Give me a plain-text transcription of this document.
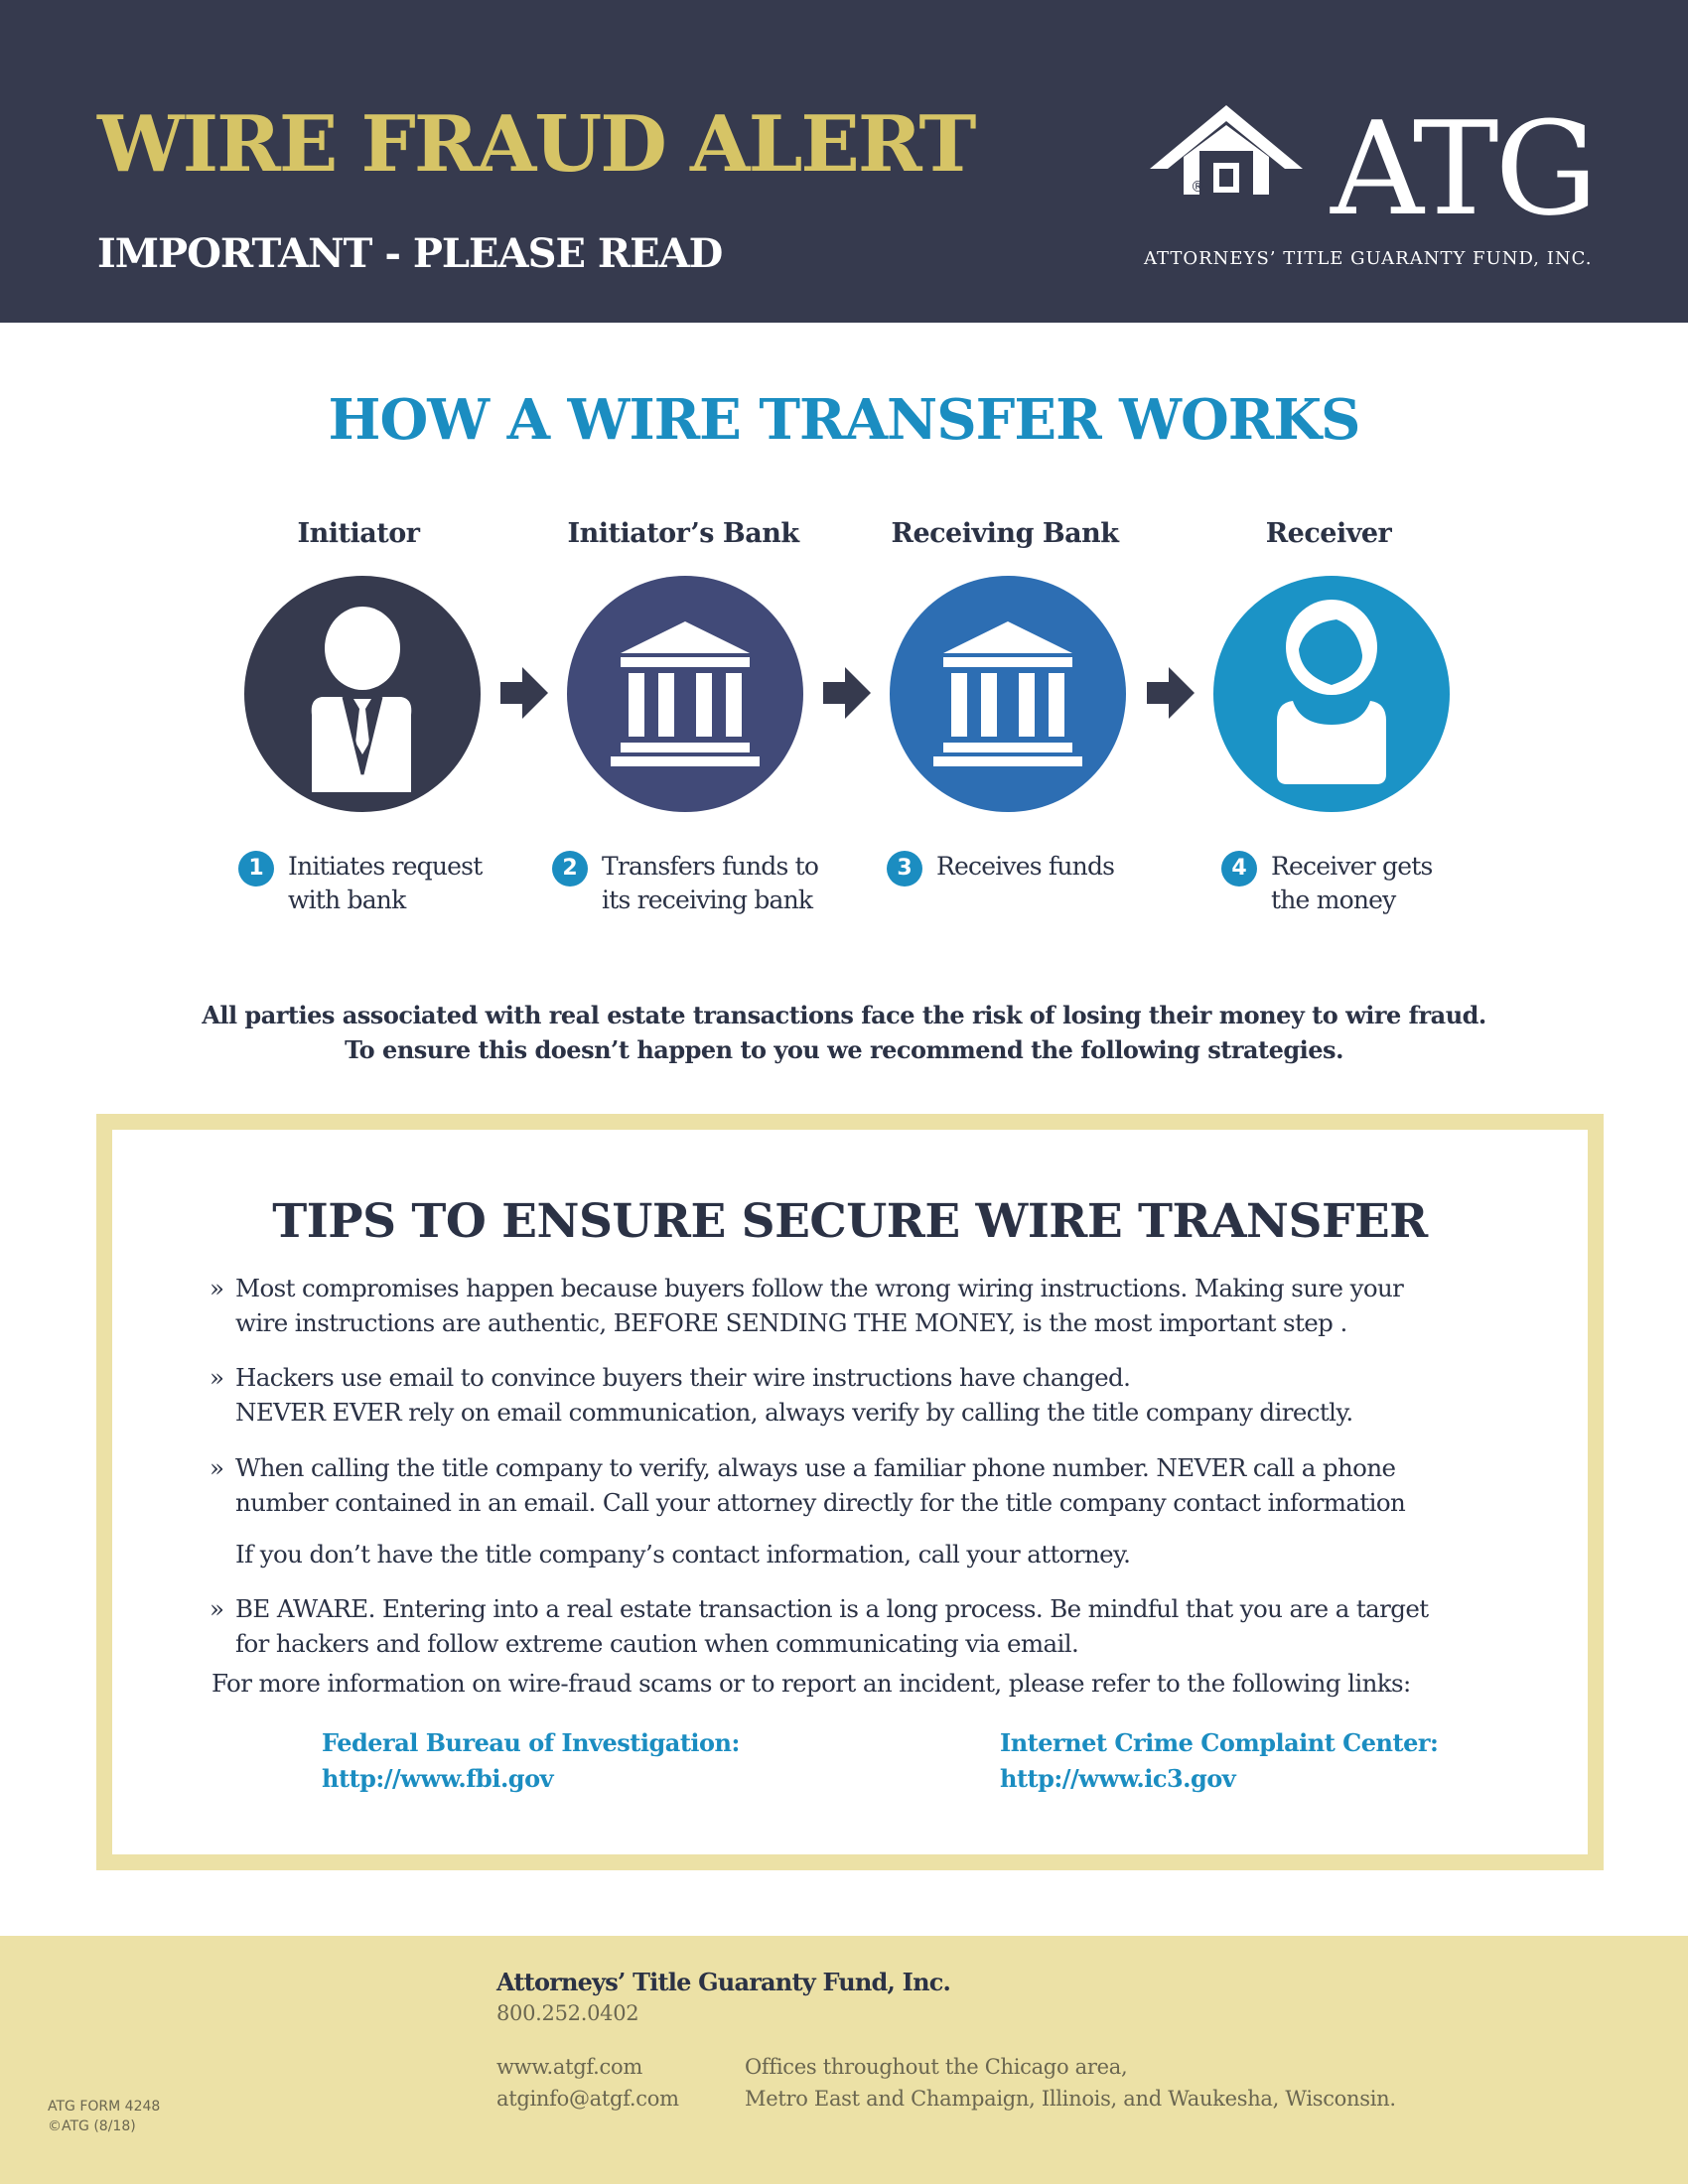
WIRE FRAUD ALERT
IMPORTANT - PLEASE READ
® ATG
ATTORNEYS’ TITLE GUARANTY FUND, INC.
HOW A WIRE TRANSFER WORKS
Initiator	Initiator’s Bank	Receiving Bank	Receiver
1 Initiates request
with bank
2 Transfers funds to
its receiving bank
3 Receives funds	4 Receiver gets
the money
All parties associated with real estate transactions face the risk of losing their money to wire fraud.
To ensure this doesn’t happen to you we recommend the following strategies.
TIPS TO ENSURE SECURE WIRE TRANSFER
» Most compromises happen because buyers follow the wrong wiring instructions. Making sure your
wire instructions are authentic, BEFORE SENDING THE MONEY, is the most important step .
» Hackers use email to convince buyers their wire instructions have changed.
NEVER EVER rely on email communication, always verify by calling the title company directly.
» When calling the title company to verify, always use a familiar phone number. NEVER call a phone
number contained in an email. Call your attorney directly for the title company contact information
If you don’t have the title company’s contact information, call your attorney.
» BE AWARE. Entering into a real estate transaction is a long process. Be mindful that you are a target
for hackers and follow extreme caution when communicating via email.
For more information on wire-fraud scams or to report an incident, please refer to the following links:
Federal Bureau of Investigation:
http://www.fbi.gov
Internet Crime Complaint Center:
http://www.ic3.gov
Attorneys’ Title Guaranty Fund, Inc.
800.252.0402
www.atgf.com
atginfo@atgf.com
Offices throughout the Chicago area,
Metro East and Champaign, Illinois, and Waukesha, Wisconsin.
ATG FORM 4248
©ATG (8/18)
